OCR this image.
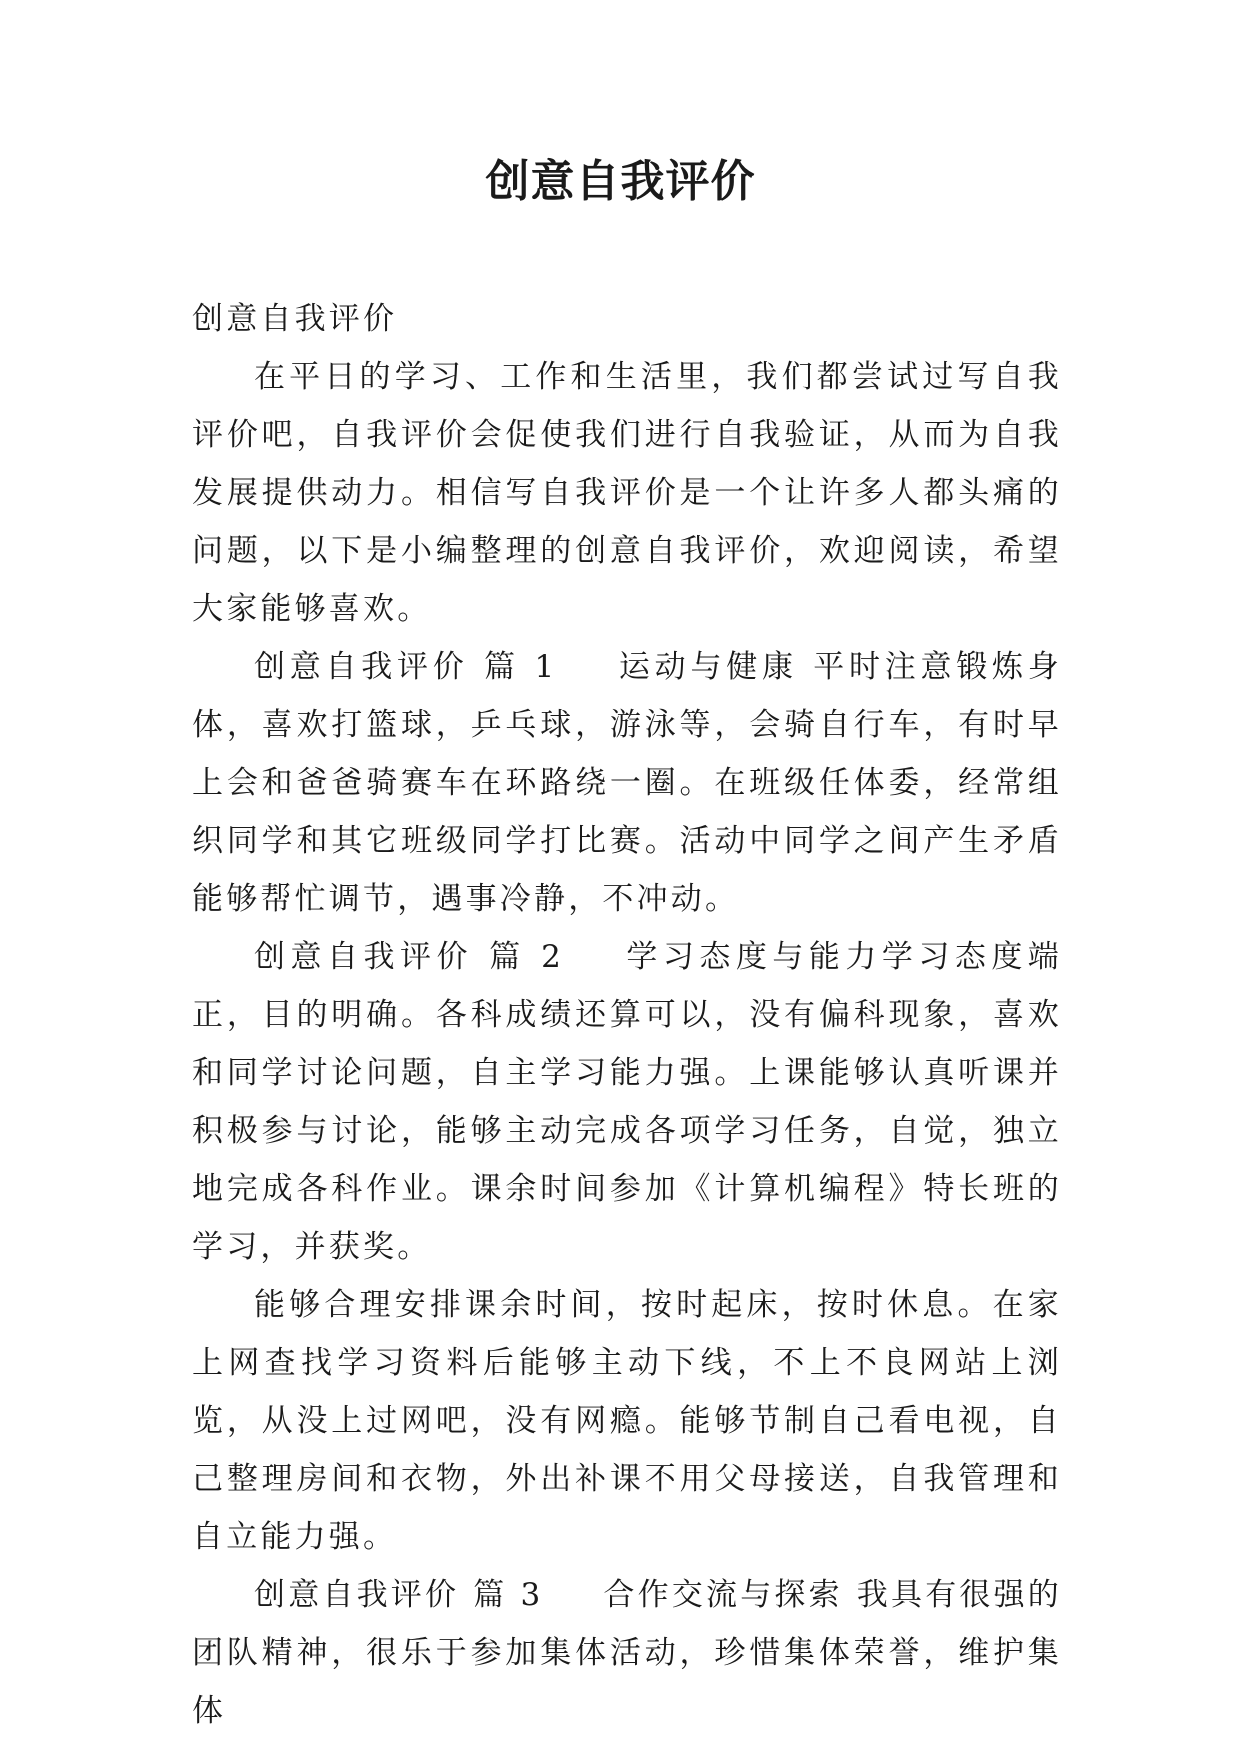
创意自我评价

创意自我评价

在平日的学习、工作和生活里，我们都尝试过写自我评价吧，自我评价会促使我们进行自我验证，从而为自我发展提供动力。相信写自我评价是一个让许多人都头痛的问题，以下是小编整理的创意自我评价，欢迎阅读，希望大家能够喜欢。

创意自我评价 篇 1 运动与健康 平时注意锻炼身体，喜欢打篮球，乒乓球，游泳等，会骑自行车，有时早上会和爸爸骑赛车在环路绕一圈。在班级任体委，经常组织同学和其它班级同学打比赛。活动中同学之间产生矛盾能够帮忙调节，遇事冷静，不冲动。

创意自我评价 篇 2 学习态度与能力学习态度端正，目的明确。各科成绩还算可以，没有偏科现象，喜欢和同学讨论问题，自主学习能力强。上课能够认真听课并积极参与讨论，能够主动完成各项学习任务，自觉，独立地完成各科作业。课余时间参加《计算机编程》特长班的学习，并获奖。

能够合理安排课余时间，按时起床，按时休息。在家上网查找学习资料后能够主动下线，不上不良网站上浏览，从没上过网吧，没有网瘾。能够节制自己看电视，自己整理房间和衣物，外出补课不用父母接送，自我管理和自立能力强。

创意自我评价 篇 3 合作交流与探索 我具有很强的团队精神，很乐于参加集体活动，珍惜集体荣誉，维护集体
